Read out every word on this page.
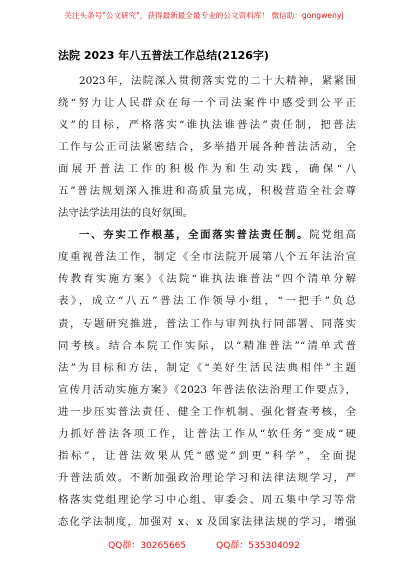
关注头条号"公文研究"，获得最新最全最专业的公文资料库！ 微信助：gongwenyj
法院 2023 年八五普法工作总结(2126字)
2023年，法院深入贯彻落实党的二十大精神，紧紧围
绕“努力让人民群众在每一个司法案件中感受到公平正
义”的目标，严格落实“谁执法谁普法”责任制，把普法
工作与公正司法紧密结合，多举措开展各种普法活动，全
面展开普法工作的积极作为和生动实践，确保“八
五”普法规划深入推进和高质量完成，积极营造全社会尊
法守法学法用法的良好氛围。
一、夯实工作根基，全面落实普法责任制。院党组高
度重视普法工作，制定《全市法院开展第八个五年法治宣
传教育实施方案》《法院“谁执法谁普法”四个清单分解
表》，成立“八五”普法工作领导小组，“一把手”负总
责，专题研究推进，普法工作与审判执行同部署、同落实
同考核。结合本院工作实际，以“精准普法”“清单式普
法”为目标和方法，制定《“美好生活民法典相伴”主题
宣传月活动实施方案》《2023 年普法依法治理工作要点》，
进一步压实普法责任、健全工作机制、强化督查考核，全
力抓好普法各项工作，让普法工作从“软任务”变成“硬
指标”，让普法效果从凭“感觉”到更“科学”，全面提
升普法质效。不断加强政治理论学习和法律法规学习，严
格落实党组理论学习中心组、审委会、周五集中学习等常
态化学法制度，加强对 x、x 及国家法律法规的学习，增强
QQ群：30265665	QQ群：535304092
